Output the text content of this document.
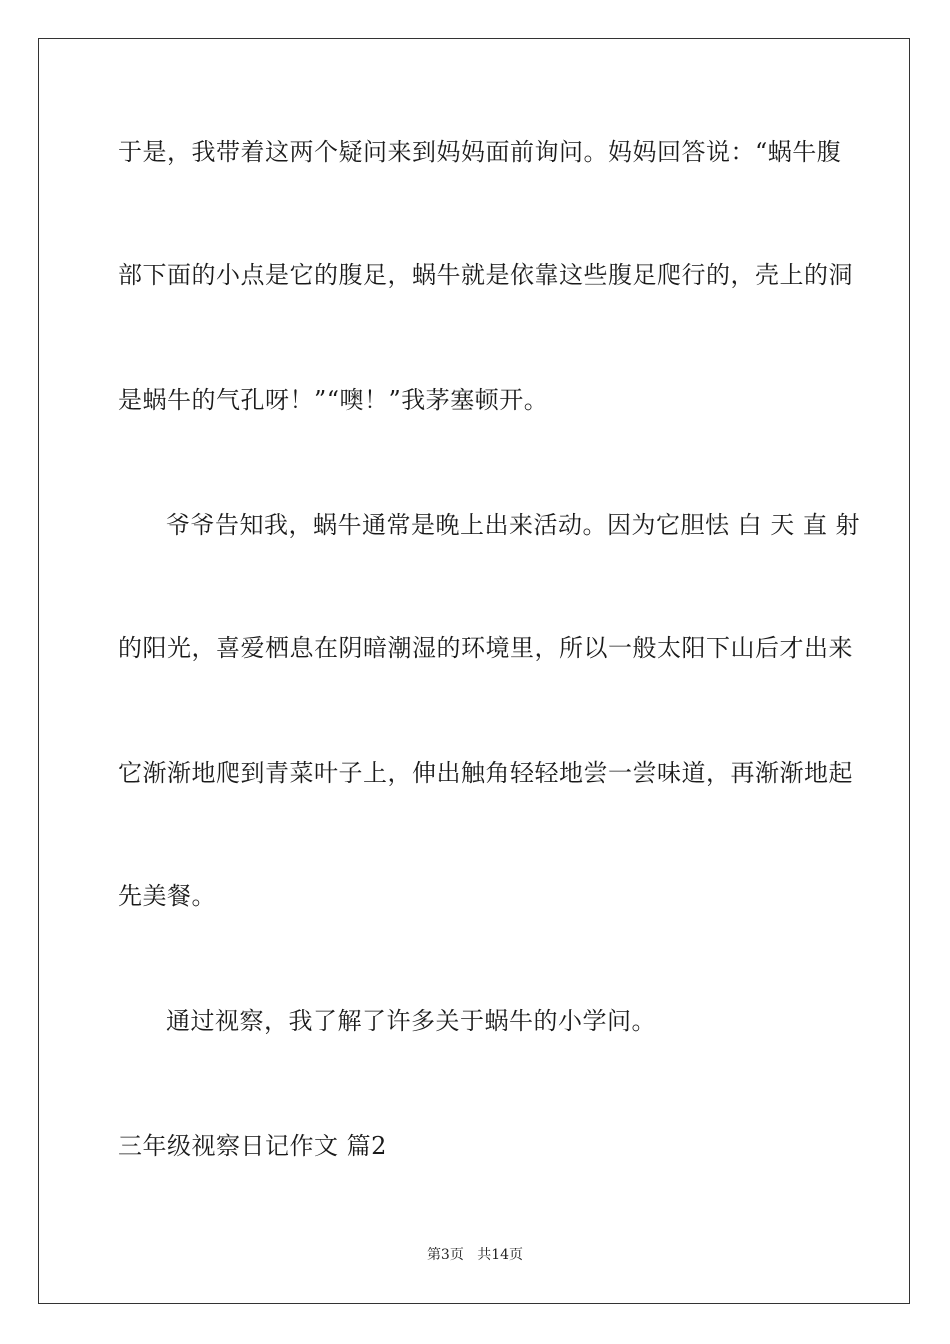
于是，我带着这两个疑问来到妈妈面前询问。妈妈回答说：“蜗牛腹
部下面的小点是它的腹足，蜗牛就是依靠这些腹足爬行的，壳上的洞
是蜗牛的气孔呀！”“噢！”我茅塞顿开。
爷爷告知我，蜗牛通常是晚上出来活动。因为它胆怯 白 天 直 射
的阳光，喜爱栖息在阴暗潮湿的环境里，所以一般太阳下山后才出来
它渐渐地爬到青菜叶子上，伸出触角轻轻地尝一尝味道，再渐渐地起
先美餐。
通过视察，我了解了许多关于蜗牛的小学问。
三年级视察日记作文 篇2
第3页 共14页
